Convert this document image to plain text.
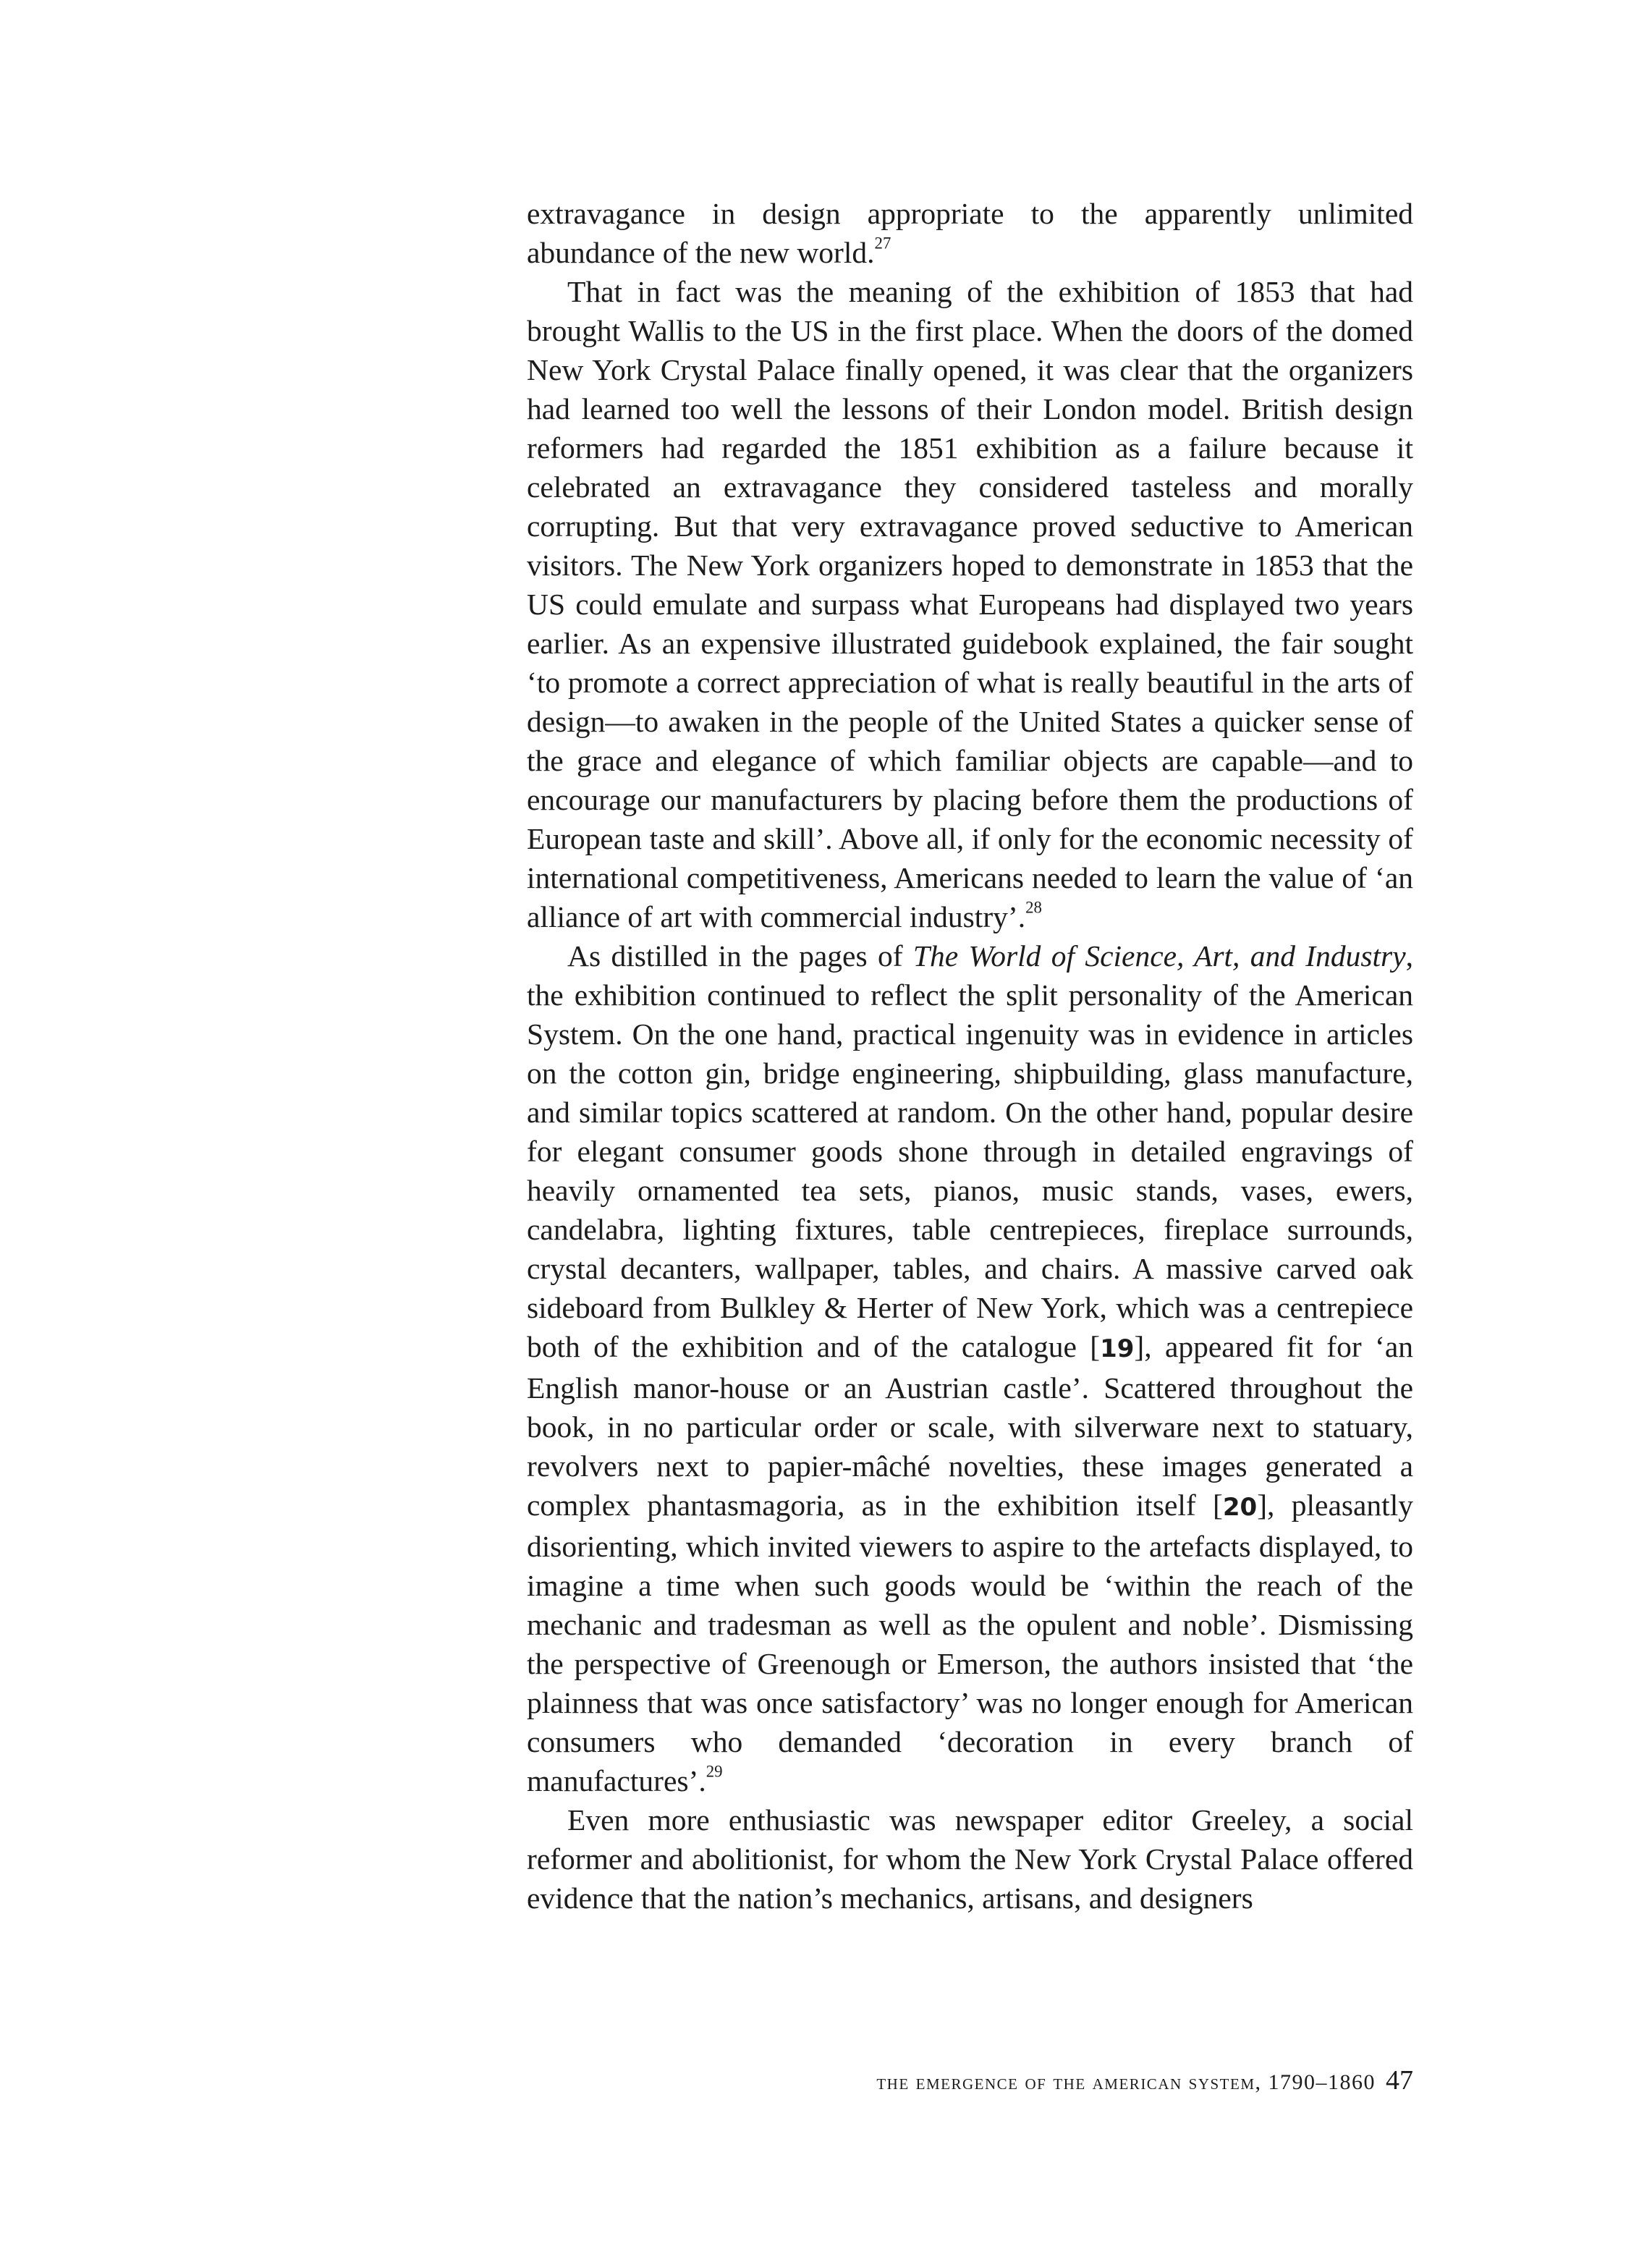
extravagance in design appropriate to the apparently unlimited abundance of the new world.$^{27}$

That in fact was the meaning of the exhibition of 1853 that had brought Wallis to the US in the first place. When the doors of the domed New York Crystal Palace finally opened, it was clear that the organizers had learned too well the lessons of their London model. British design reformers had regarded the 1851 exhibition as a failure because it celebrated an extravagance they considered tasteless and morally corrupting. But that very extravagance proved seductive to American visitors. The New York organizers hoped to demonstrate in 1853 that the US could emulate and surpass what Europeans had displayed two years earlier. As an expensive illustrated guidebook explained, the fair sought ‘to promote a correct appreciation of what is really beautiful in the arts of design—to awaken in the people of the United States a quicker sense of the grace and elegance of which familiar objects are capable—and to encourage our manufacturers by placing before them the productions of European taste and skill’. Above all, if only for the economic necessity of international competitiveness, Americans needed to learn the value of ‘an alliance of art with commercial industry’.$^{28}$

As distilled in the pages of The World of Science, Art, and Industry, the exhibition continued to reflect the split personality of the American System. On the one hand, practical ingenuity was in evidence in articles on the cotton gin, bridge engineering, shipbuilding, glass manufacture, and similar topics scattered at random. On the other hand, popular desire for elegant consumer goods shone through in detailed engravings of heavily ornamented tea sets, pianos, music stands, vases, ewers, candelabra, lighting fixtures, table centrepieces, fireplace surrounds, crystal decanters, wallpaper, tables, and chairs. A massive carved oak sideboard from Bulkley & Herter of New York, which was a centrepiece both of the exhibition and of the catalogue [19], appeared fit for ‘an English manor-house or an Austrian castle’. Scattered throughout the book, in no particular order or scale, with silverware next to statuary, revolvers next to papier-mâché novelties, these images generated a complex phantasmagoria, as in the exhibition itself [20], pleasantly disorienting, which invited viewers to aspire to the artefacts displayed, to imagine a time when such goods would be ‘within the reach of the mechanic and tradesman as well as the opulent and noble’. Dismissing the perspective of Greenough or Emerson, the authors insisted that ‘the plainness that was once satisfactory’ was no longer enough for American consumers who demanded ‘decoration in every branch of manufactures’.$^{29}$

Even more enthusiastic was newspaper editor Greeley, a social reformer and abolitionist, for whom the New York Crystal Palace offered evidence that the nation’s mechanics, artisans, and designers

the emergence of the american system, 1790–1860 47
